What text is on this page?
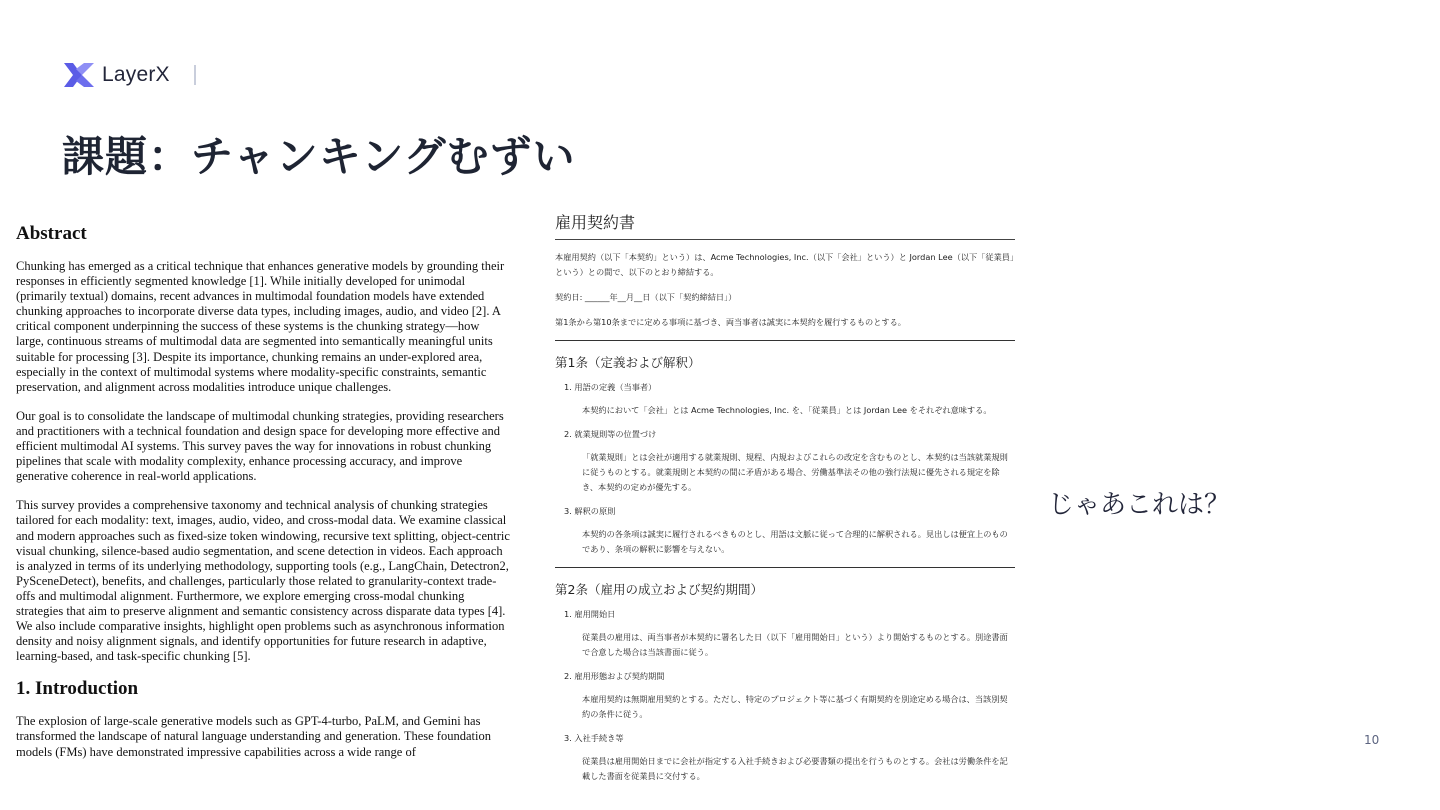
LayerX
課題：チャンキングむずい
Abstract

Chunking has emerged as a critical technique that enhances generative models by grounding their responses in efficiently segmented knowledge [1]. While initially developed for unimodal (primarily textual) domains, recent advances in multimodal foundation models have extended chunking approaches to incorporate diverse data types, including images, audio, and video [2]. A critical component underpinning the success of these systems is the chunking strategy—how large, continuous streams of multimodal data are segmented into semantically meaningful units suitable for processing [3]. Despite its importance, chunking remains an under-explored area, especially in the context of multimodal systems where modality-specific constraints, semantic preservation, and alignment across modalities introduce unique challenges.

Our goal is to consolidate the landscape of multimodal chunking strategies, providing researchers and practitioners with a technical foundation and design space for developing more effective and efficient multimodal AI systems. This survey paves the way for innovations in robust chunking pipelines that scale with modality complexity, enhance processing accuracy, and improve generative coherence in real-world applications.

This survey provides a comprehensive taxonomy and technical analysis of chunking strategies tailored for each modality: text, images, audio, video, and cross-modal data. We examine classical and modern approaches such as fixed-size token windowing, recursive text splitting, object-centric visual chunking, silence-based audio segmentation, and scene detection in videos. Each approach is analyzed in terms of its underlying methodology, supporting tools (e.g., LangChain, Detectron2, PySceneDetect), benefits, and challenges, particularly those related to granularity-context trade-offs and multimodal alignment. Furthermore, we explore emerging cross-modal chunking strategies that aim to preserve alignment and semantic consistency across disparate data types [4]. We also include comparative insights, highlight open problems such as asynchronous information density and noisy alignment signals, and identify opportunities for future research in adaptive, learning-based, and task-specific chunking [5].

1. Introduction

The explosion of large-scale generative models such as GPT-4-turbo, PaLM, and Gemini has transformed the landscape of natural language understanding and generation. These foundation models (FMs) have demonstrated impressive capabilities across a wide range of

雇用契約書

本雇用契約（以下「本契約」という）は、Acme Technologies, Inc.（以下「会社」という）と Jordan Lee（以下「従業員」という）との間で、以下のとおり締結する。

契約日: ______年__月__日（以下「契約締結日」）

第1条から第10条までに定める事項に基づき、両当事者は誠実に本契約を履行するものとする。

第1条（定義および解釈）
1. 用語の定義（当事者）
本契約において「会社」とは Acme Technologies, Inc. を、「従業員」とは Jordan Lee をそれぞれ意味する。
2. 就業規則等の位置づけ
「就業規則」とは会社が適用する就業規則、規程、内規およびこれらの改定を含むものとし、本契約は当該就業規則に従うものとする。就業規則と本契約の間に矛盾がある場合、労働基準法その他の強行法規に優先される規定を除き、本契約の定めが優先する。
3. 解釈の原則
本契約の各条項は誠実に履行されるべきものとし、用語は文脈に従って合理的に解釈される。見出しは便宜上のものであり、条項の解釈に影響を与えない。
第2条（雇用の成立および契約期間）
1. 雇用開始日
従業員の雇用は、両当事者が本契約に署名した日（以下「雇用開始日」という）より開始するものとする。別途書面で合意した場合は当該書面に従う。
2. 雇用形態および契約期間
本雇用契約は無期雇用契約とする。ただし、特定のプロジェクト等に基づく有期契約を別途定める場合は、当該別契約の条件に従う。
3. 入社手続き等
従業員は雇用開始日までに会社が指定する入社手続きおよび必要書類の提出を行うものとする。会社は労働条件を記載した書面を従業員に交付する。
じゃあこれは？
10
